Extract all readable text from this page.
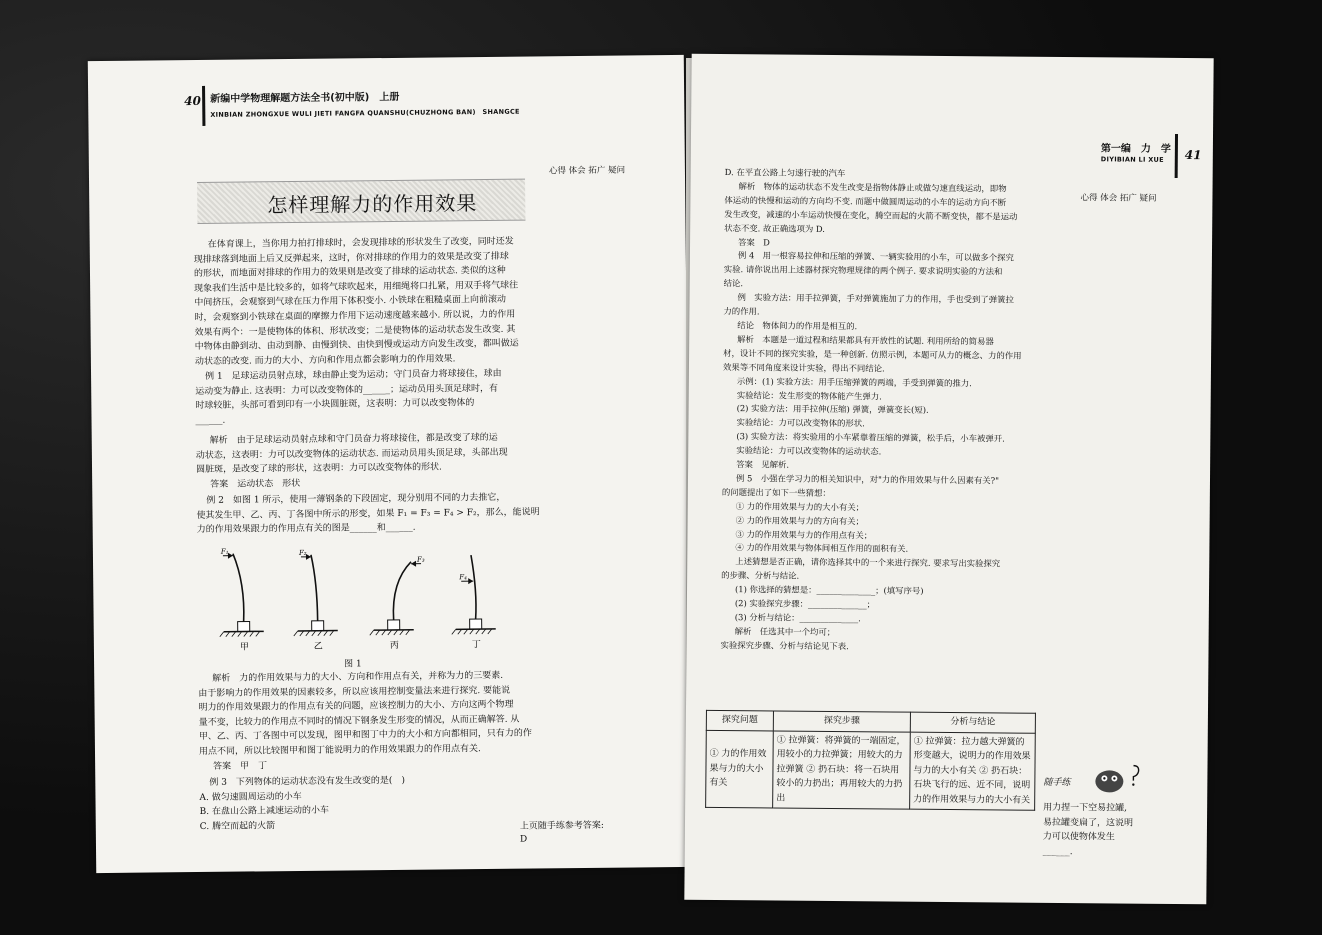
40 新编中学物理解题方法全书(初中版)　上册
XINBIAN ZHONGXUE WULI JIETI FANGFA QUANSHU(CHUZHONG BAN)　SHANGCE
心得 体会 拓广 疑问
怎样理解力的作用效果
在体育课上，当你用力拍打排球时，会发现排球的形状发生了改变，同时还发
现排球落到地面上后又反弹起来，这时，你对排球的作用力的效果是改变了排球
的形状，而地面对排球的作用力的效果则是改变了排球的运动状态. 类似的这种
现象我们生活中是比较多的，如将气球吹起来，用细绳将口扎紧，用双手将气球往
中间挤压，会观察到气球在压力作用下体积变小. 小铁球在粗糙桌面上向前滚动
时，会观察到小铁球在桌面的摩擦力作用下运动速度越来越小. 所以说，力的作用
效果有两个：一是使物体的体积、形状改变；二是使物体的运动状态发生改变. 其
中物体由静到动、由动到静、由慢到快、由快到慢或运动方向发生改变，都叫做运
动状态的改变. 而力的大小、方向和作用点都会影响力的作用效果.
例 1　足球运动员射点球，球由静止变为运动；守门员奋力将球接住，球由
运动变为静止. 这表明：力可以改变物体的______；运动员用头顶足球时，有
时球较脏，头部可看到印有一小块圆脏斑，这表明：力可以改变物体的
______.
解析　由于足球运动员射点球和守门员奋力将球接住，都是改变了球的运
动状态，这表明：力可以改变物体的运动状态. 而运动员用头顶足球，头部出现
圆脏斑，是改变了球的形状，这表明：力可以改变物体的形状.
答案　运动状态　形状
例 2　如图 1 所示，使用一薄钢条的下段固定，现分别用不同的力去推它，
使其发生甲、乙、丙、丁各图中所示的形变，如果 F₁ = F₃ = F₄ > F₂，那么，能说明
力的作用效果跟力的作用点有关的图是______和______.
F₁	F₂
F₃
F₄
甲	乙	丙	丁
图 1
解析　力的作用效果与力的大小、方向和作用点有关，并称为力的三要素.
由于影响力的作用效果的因素较多，所以应该用控制变量法来进行探究. 要能说
明力的作用效果跟力的作用点有关的问题，应该控制力的大小、方向这两个物理
量不变，比较力的作用点不同时的情况下钢条发生形变的情况，从而正确解答. 从
甲、乙、丙、丁各图中可以发现，图甲和图丁中力的大小和方向都相同，只有力的作
用点不同，所以比较图甲和图丁能说明力的作用效果跟力的作用点有关.
答案　甲　丁
例 3　下列物体的运动状态没有发生改变的是(　)
A. 做匀速圆周运动的小车
B. 在盘山公路上减速运动的小车
C. 腾空而起的火箭	上页随手练参考答案:
D
第一编　力　学
DIYIBIAN LI XUE 41
心得 体会 拓广 疑问
D. 在平直公路上匀速行驶的汽车
解析　物体的运动状态不发生改变是指物体静止或做匀速直线运动，即物
体运动的快慢和运动的方向均不变. 而题中做圆周运动的小车的运动方向不断
发生改变，减速的小车运动快慢在变化，腾空而起的火箭不断变快，都不是运动
状态不变. 故正确选项为 D.
答案　D
例 4　用一根容易拉伸和压缩的弹簧、一辆实验用的小车，可以做多个探究
实验. 请你说出用上述器材探究物理规律的两个例子. 要求说明实验的方法和
结论.
例　实验方法：用手拉弹簧，手对弹簧施加了力的作用，手也受到了弹簧拉
力的作用.
结论　物体间力的作用是相互的.
解析　本题是一道过程和结果都具有开放性的试题. 利用所给的简易器
材，设计不同的探究实验，是一种创新. 仿照示例，本题可从力的概念、力的作用
效果等不同角度来设计实验，得出不同结论.
示例：(1) 实验方法：用手压缩弹簧的两端，手受到弹簧的推力.
实验结论：发生形变的物体能产生弹力.
(2) 实验方法：用手拉伸(压缩) 弹簧，弹簧变长(短).
实验结论：力可以改变物体的形状.
(3) 实验方法：将实验用的小车紧靠着压缩的弹簧，松手后，小车被弹开.
实验结论：力可以改变物体的运动状态.
答案　见解析.
例 5　小强在学习力的相关知识中，对"力的作用效果与什么因素有关?"
的问题提出了如下一些猜想：
① 力的作用效果与力的大小有关；
② 力的作用效果与力的方向有关；
③ 力的作用效果与力的作用点有关；
④ 力的作用效果与物体间相互作用的面积有关.
上述猜想是否正确，请你选择其中的一个来进行探究. 要求写出实验探究
的步骤、分析与结论.
(1) 你选择的猜想是：______________；(填写序号)
(2) 实验探究步骤：______________；
(3) 分析与结论：______________.
解析　任选其中一个均可；
实验探究步骤、分析与结论见下表.
探究问题	探究步骤	分析与结论
① 力的作用效果与力的大小有关	① 拉弹簧：将弹簧的一端固定，用较小的力拉弹簧；用较大的力拉弹簧 ② 扔石块：将一石块用较小的力扔出；再用较大的力扔出	① 拉弹簧：拉力越大弹簧的形变越大，说明力的作用效果与力的大小有关 ② 扔石块：石块飞行的远、近不同，说明力的作用效果与力的大小有关
随手练
用力捏一下空易拉罐,
易拉罐变扁了，这说明
力可以使物体发生
______.
